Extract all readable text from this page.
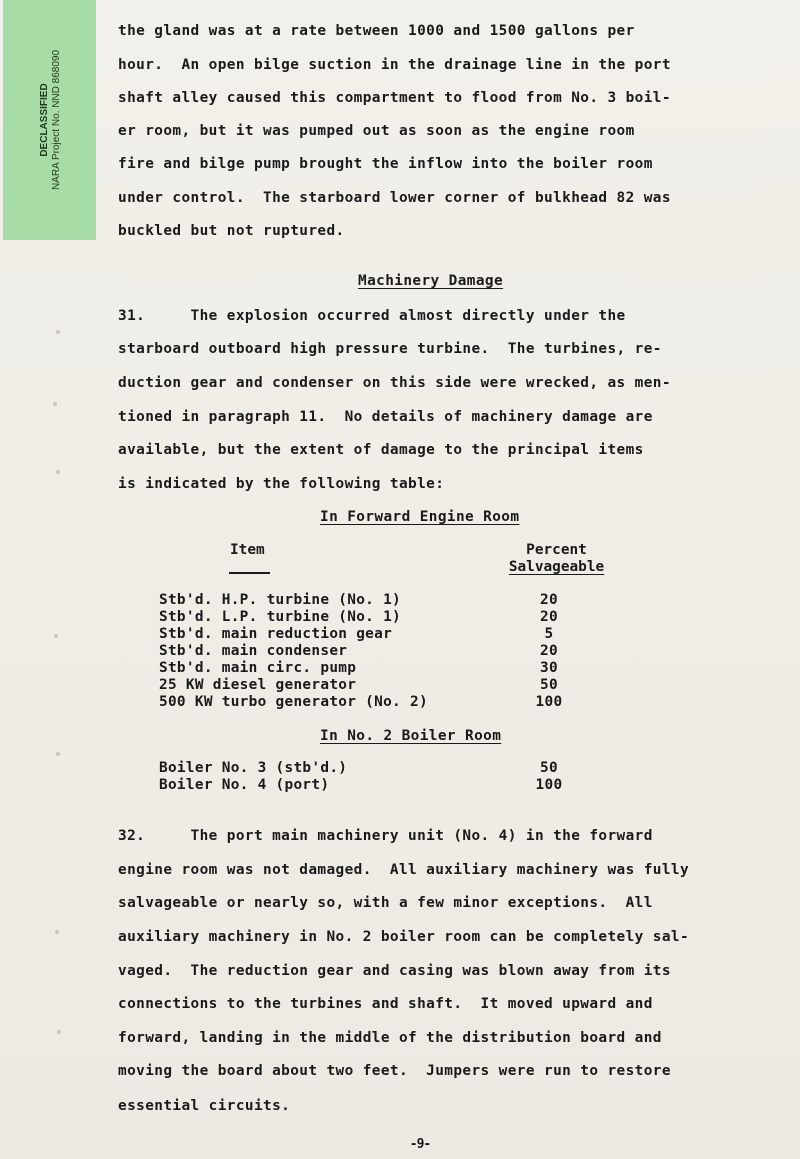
DECLASSIFIED NARA Project No. NND 868090
the gland was at a rate between 1000 and 1500 gallons per
hour.  An open bilge suction in the drainage line in the port
shaft alley caused this compartment to flood from No. 3 boil-
er room, but it was pumped out as soon as the engine room
fire and bilge pump brought the inflow into the boiler room
under control.  The starboard lower corner of bulkhead 82 was
buckled but not ruptured.
Machinery Damage
31.     The explosion occurred almost directly under the
starboard outboard high pressure turbine.  The turbines, re-
duction gear and condenser on this side were wrecked, as men-
tioned in paragraph 11.  No details of machinery damage are
available, but the extent of damage to the principal items
is indicated by the following table:
In Forward Engine Room
Item	Percent
Salvageable
Stb'd. H.P. turbine (No. 1)	20
Stb'd. L.P. turbine (No. 1)	20
Stb'd. main reduction gear	5
Stb'd. main condenser	20
Stb'd. main circ. pump	30
25 KW diesel generator	50
500 KW turbo generator (No. 2)	100
In No. 2 Boiler Room
Boiler No. 3 (stb'd.)	50
Boiler No. 4 (port)	100
32.     The port main machinery unit (No. 4) in the forward
engine room was not damaged.  All auxiliary machinery was fully
salvageable or nearly so, with a few minor exceptions.  All
auxiliary machinery in No. 2 boiler room can be completely sal-
vaged.  The reduction gear and casing was blown away from its
connections to the turbines and shaft.  It moved upward and
forward, landing in the middle of the distribution board and
moving the board about two feet.  Jumpers were run to restore
essential circuits.
-9-
